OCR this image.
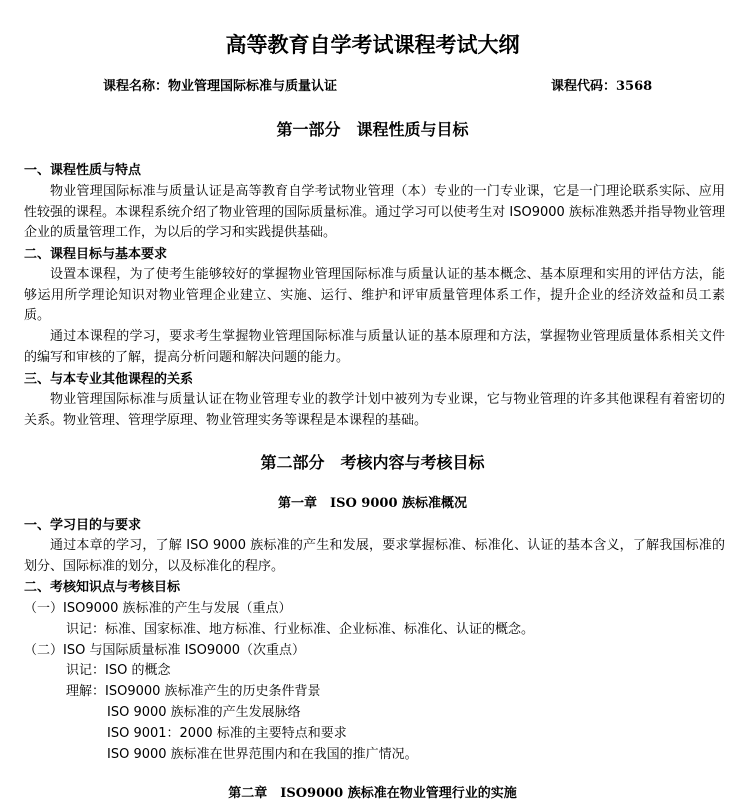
高等教育自学考试课程考试大纲
课程名称：物业管理国际标准与质量认证	课程代码：3568
第一部分　课程性质与目标
一、课程性质与特点

物业管理国际标准与质量认证是高等教育自学考试物业管理（本）专业的一门专业课，它是一门理论联系实际、应用性较强的课程。本课程系统介绍了物业管理的国际质量标准。通过学习可以使考生对 ISO9000 族标准熟悉并指导物业管理企业的质量管理工作，为以后的学习和实践提供基础。

二、课程目标与基本要求

设置本课程，为了使考生能够较好的掌握物业管理国际标准与质量认证的基本概念、基本原理和实用的评估方法，能够运用所学理论知识对物业管理企业建立、实施、运行、维护和评审质量管理体系工作，提升企业的经济效益和员工素质。

通过本课程的学习，要求考生掌握物业管理国际标准与质量认证的基本原理和方法，掌握物业管理质量体系相关文件的编写和审核的了解，提高分析问题和解决问题的能力。

三、与本专业其他课程的关系

物业管理国际标准与质量认证在物业管理专业的教学计划中被列为专业课，它与物业管理的许多其他课程有着密切的关系。物业管理、管理学原理、物业管理实务等课程是本课程的基础。

第二部分　考核内容与考核目标
第一章　ISO 9000 族标准概况
一、学习目的与要求

通过本章的学习，了解 ISO 9000 族标准的产生和发展，要求掌握标准、标准化、认证的基本含义，了解我国标准的划分、国际标准的划分，以及标准化的程序。

二、考核知识点与考核目标
（一）ISO9000 族标准的产生与发展（重点）
识记：标准、国家标准、地方标准、行业标准、企业标准、标准化、认证的概念。
（二）ISO 与国际质量标准 ISO9000（次重点）
识记：ISO 的概念
理解：ISO9000 族标准产生的历史条件背景
ISO 9000 族标准的产生发展脉络
ISO 9001：2000 标准的主要特点和要求
ISO 9000 族标准在世界范围内和在我国的推广情况。
第二章　ISO9000 族标准在物业管理行业的实施
